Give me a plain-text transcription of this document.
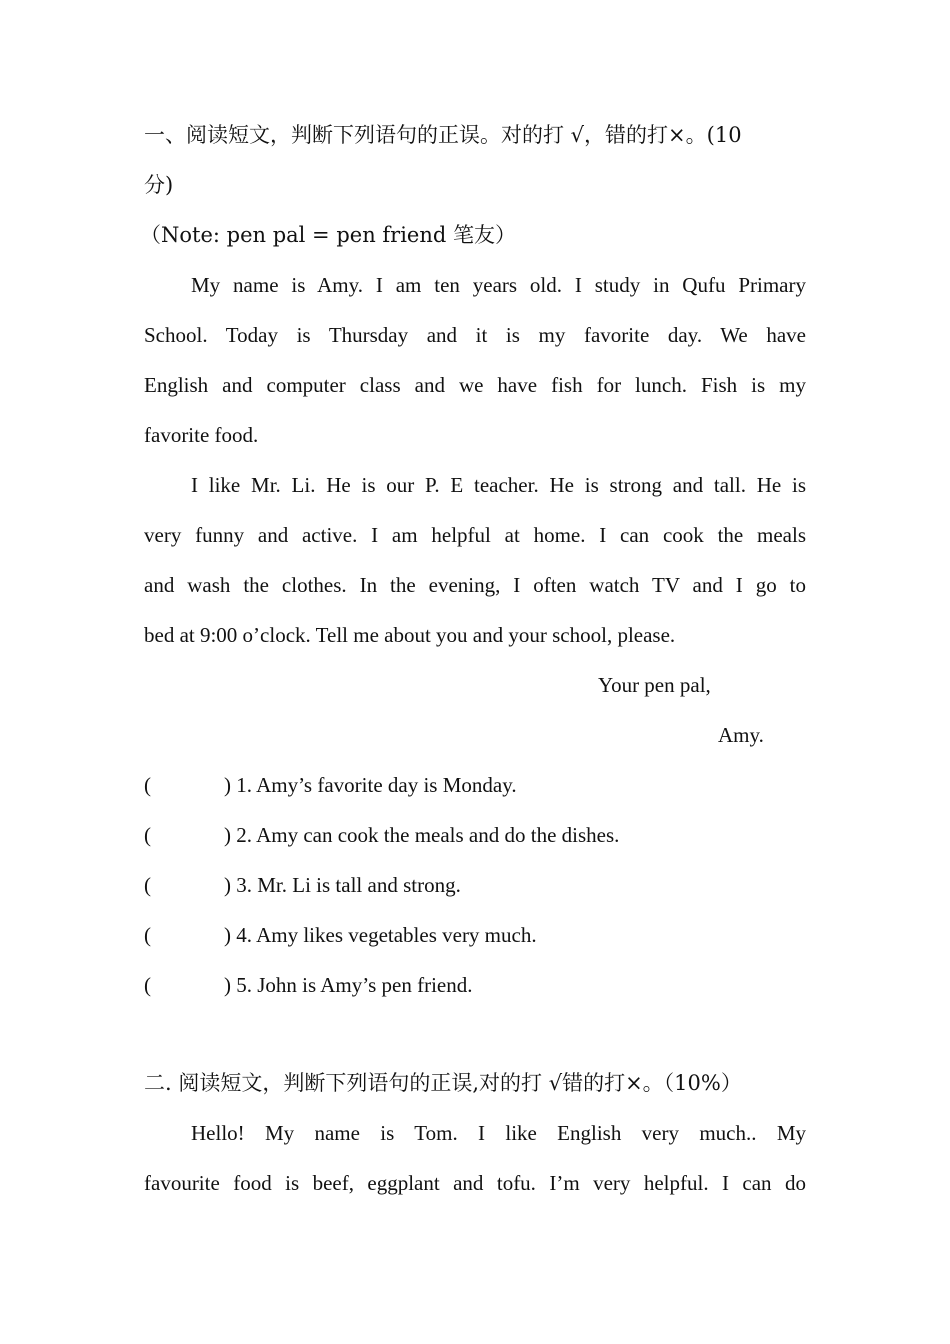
一、阅读短文，判断下列语句的正误。对的打 √，错的打×。(10
分)
（Note: pen pal = pen friend 笔友）
My name is Amy. I am ten years old. I study in Qufu Primary
School. Today is Thursday and it is my favorite day. We have
English and computer class and we have fish for lunch. Fish is my
favorite food.
I like Mr. Li. He is our P. E teacher. He is strong and tall. He is
very funny and active. I am helpful at home. I can cook the meals
and wash the clothes. In the evening, I often watch TV and I go to
bed at 9:00 o’clock. Tell me about you and your school, please.
Your pen pal,
Amy.
(	) 1. Amy’s favorite day is Monday.
(	) 2. Amy can cook the meals and do the dishes.
(	) 3. Mr. Li is tall and strong.
(	) 4. Amy likes vegetables very much.
(	) 5. John is Amy’s pen friend.
二. 阅读短文，判断下列语句的正误,对的打 √错的打×。（10%）
Hello! My name is Tom. I like English very much.. My
favourite food is beef, eggplant and tofu. I’m very helpful. I can do
